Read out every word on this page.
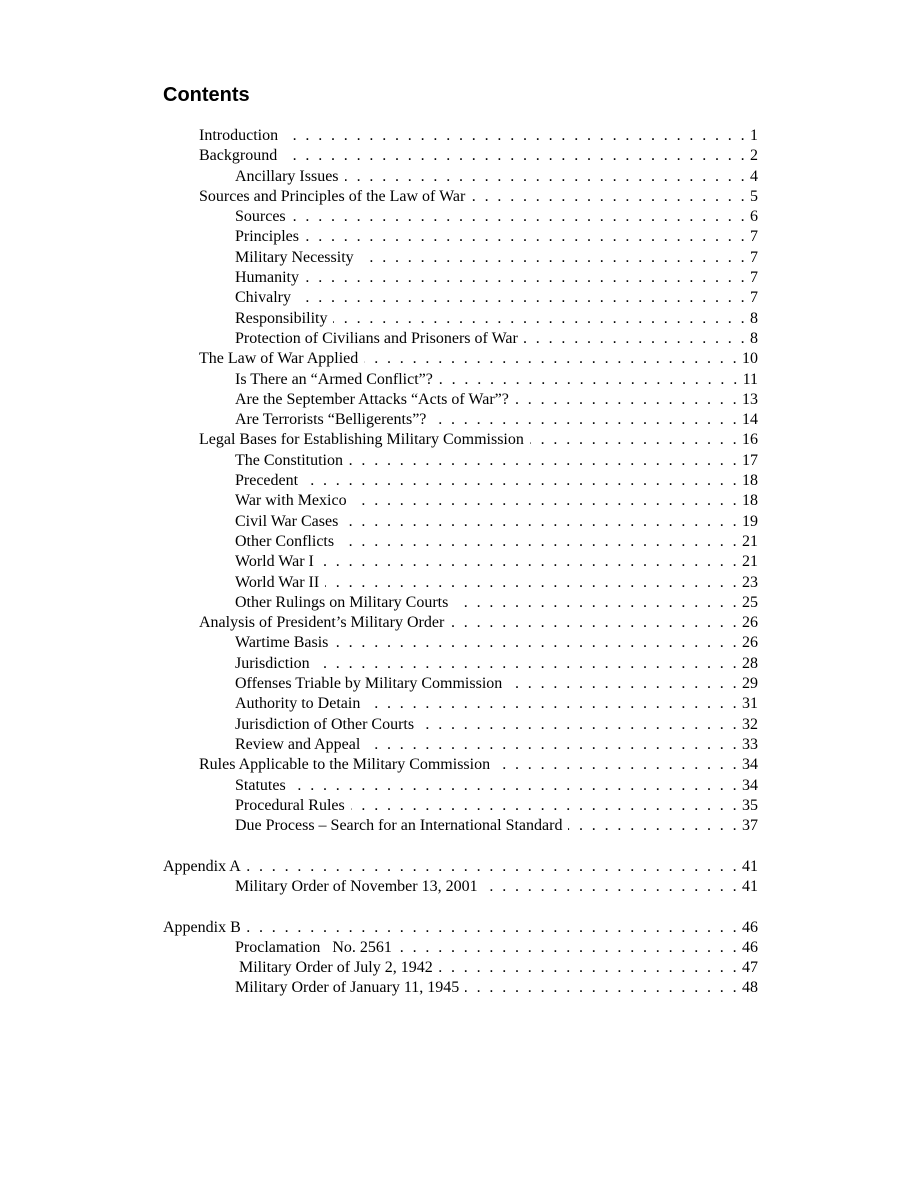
Contents
Introduction . . .	1
Background . . .	2
Ancillary Issues . . .	4
Sources and Principles of the Law of War . . .	5
Sources . . .	6
Principles . . .	7
Military Necessity . . .	7
Humanity . . .	7
Chivalry . . .	7
Responsibility . . .	8
Protection of Civilians and Prisoners of War . . .	8
The Law of War Applied . . .	10
Is There an “Armed Conflict”? . . .	11
Are the September Attacks “Acts of War”? . . .	13
Are Terrorists “Belligerents”? . . .	14
Legal Bases for Establishing Military Commission . . .	16
The Constitution . . .	17
Precedent . . .	18
War with Mexico . . .	18
Civil War Cases . . .	19
Other Conflicts . . .	21
World War I . . .	21
World War II . . .	23
Other Rulings on Military Courts . . .	25
Analysis of President’s Military Order . . .	26
Wartime Basis . . .	26
Jurisdiction . . .	28
Offenses Triable by Military Commission . . .	29
Authority to Detain . . .	31
Jurisdiction of Other Courts . . .	32
Review and Appeal . . .	33
Rules Applicable to the Military Commission . . .	34
Statutes . . .	34
Procedural Rules . . .	35
Due Process – Search for an International Standard . . .	37
Appendix A . . .	41
Military Order of November 13, 2001 . . .	41
Appendix B . . .	46
Proclamation   No. 2561 . . .	46
Military Order of July 2, 1942 . . .	47
Military Order of January 11, 1945 . . .	48
